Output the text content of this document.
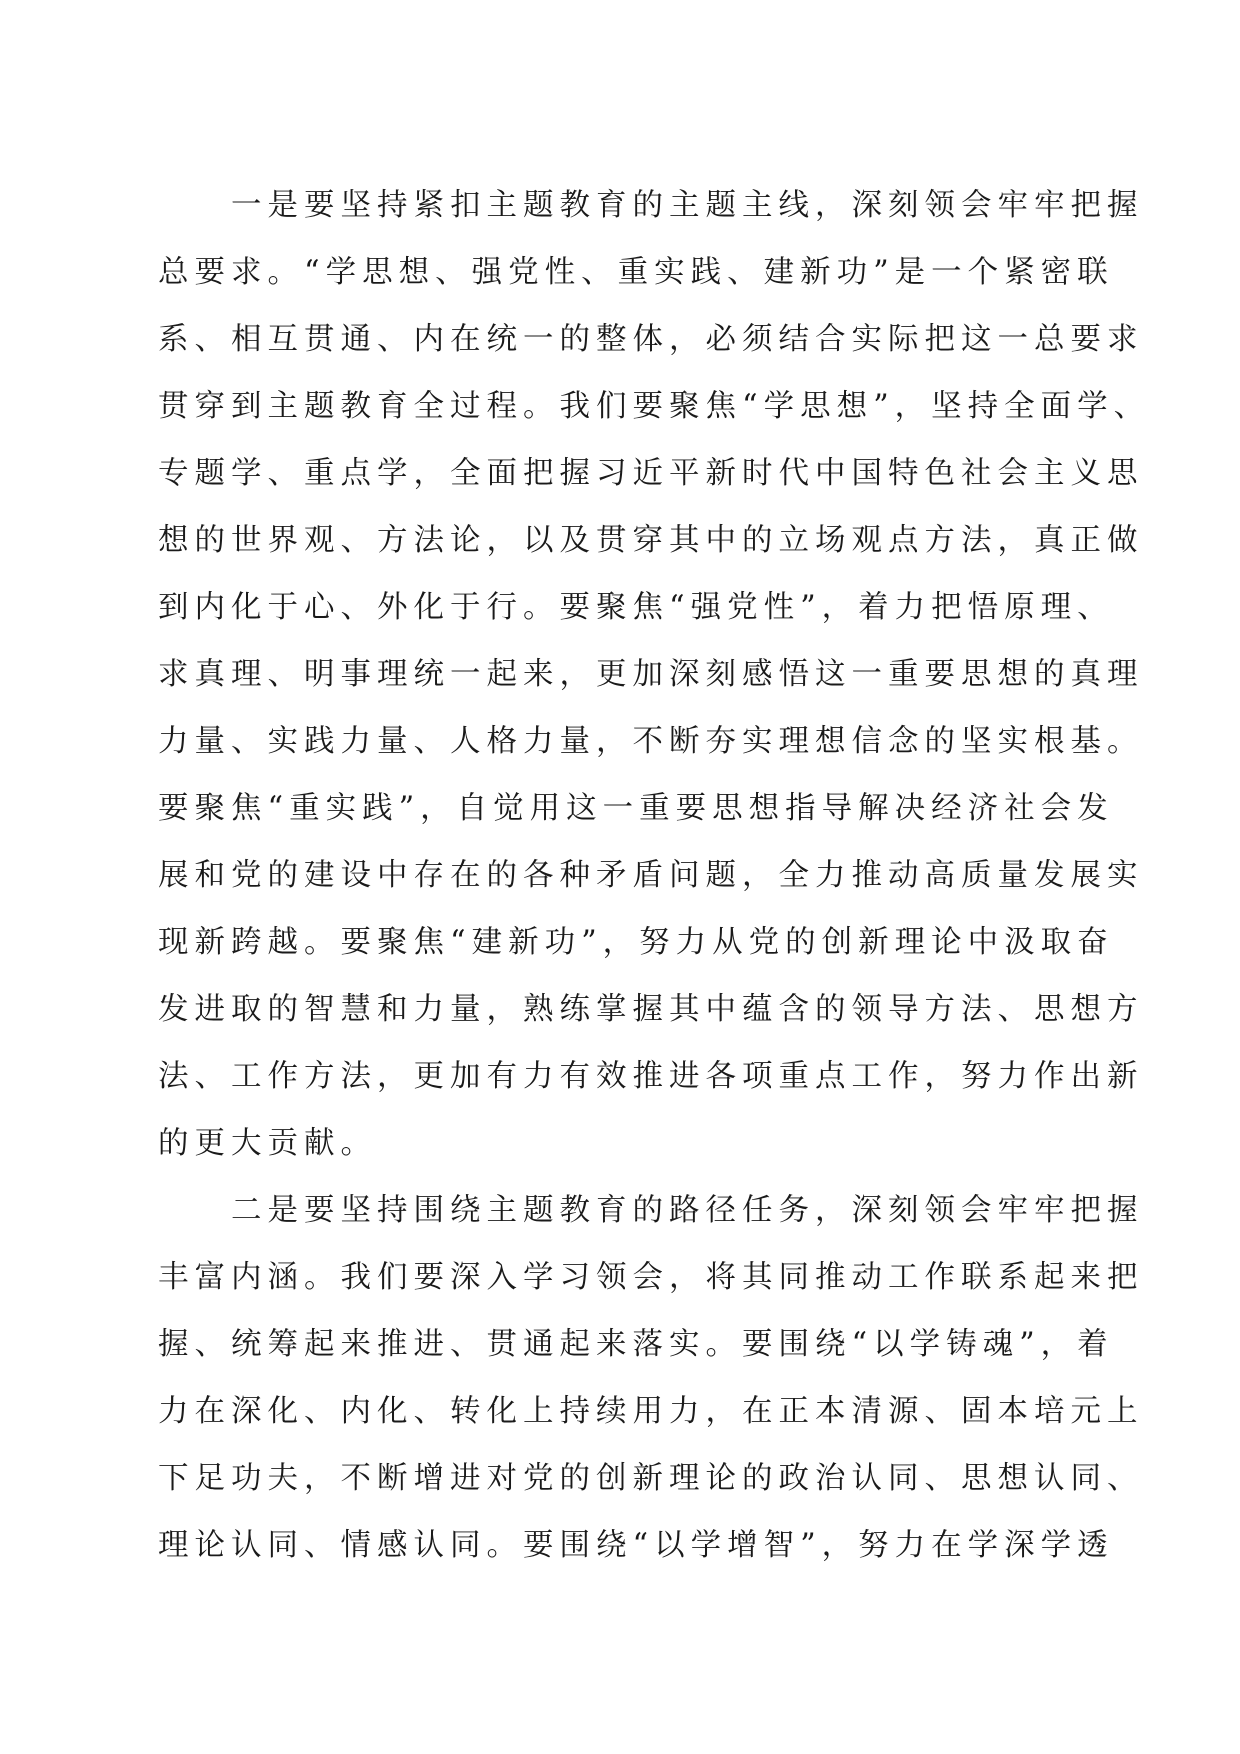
一是要坚持紧扣主题教育的主题主线，深刻领会牢牢把握
总要求。“学思想、强党性、重实践、建新功”是一个紧密联
系、相互贯通、内在统一的整体，必须结合实际把这一总要求
贯穿到主题教育全过程。我们要聚焦“学思想”，坚持全面学、
专题学、重点学，全面把握习近平新时代中国特色社会主义思
想的世界观、方法论，以及贯穿其中的立场观点方法，真正做
到内化于心、外化于行。要聚焦“强党性”，着力把悟原理、
求真理、明事理统一起来，更加深刻感悟这一重要思想的真理
力量、实践力量、人格力量，不断夯实理想信念的坚实根基。
要聚焦“重实践”，自觉用这一重要思想指导解决经济社会发
展和党的建设中存在的各种矛盾问题，全力推动高质量发展实
现新跨越。要聚焦“建新功”，努力从党的创新理论中汲取奋
发进取的智慧和力量，熟练掌握其中蕴含的领导方法、思想方
法、工作方法，更加有力有效推进各项重点工作，努力作出新
的更大贡献。
二是要坚持围绕主题教育的路径任务，深刻领会牢牢把握
丰富内涵。我们要深入学习领会，将其同推动工作联系起来把
握、统筹起来推进、贯通起来落实。要围绕“以学铸魂”，着
力在深化、内化、转化上持续用力，在正本清源、固本培元上
下足功夫，不断增进对党的创新理论的政治认同、思想认同、
理论认同、情感认同。要围绕“以学增智”，努力在学深学透
